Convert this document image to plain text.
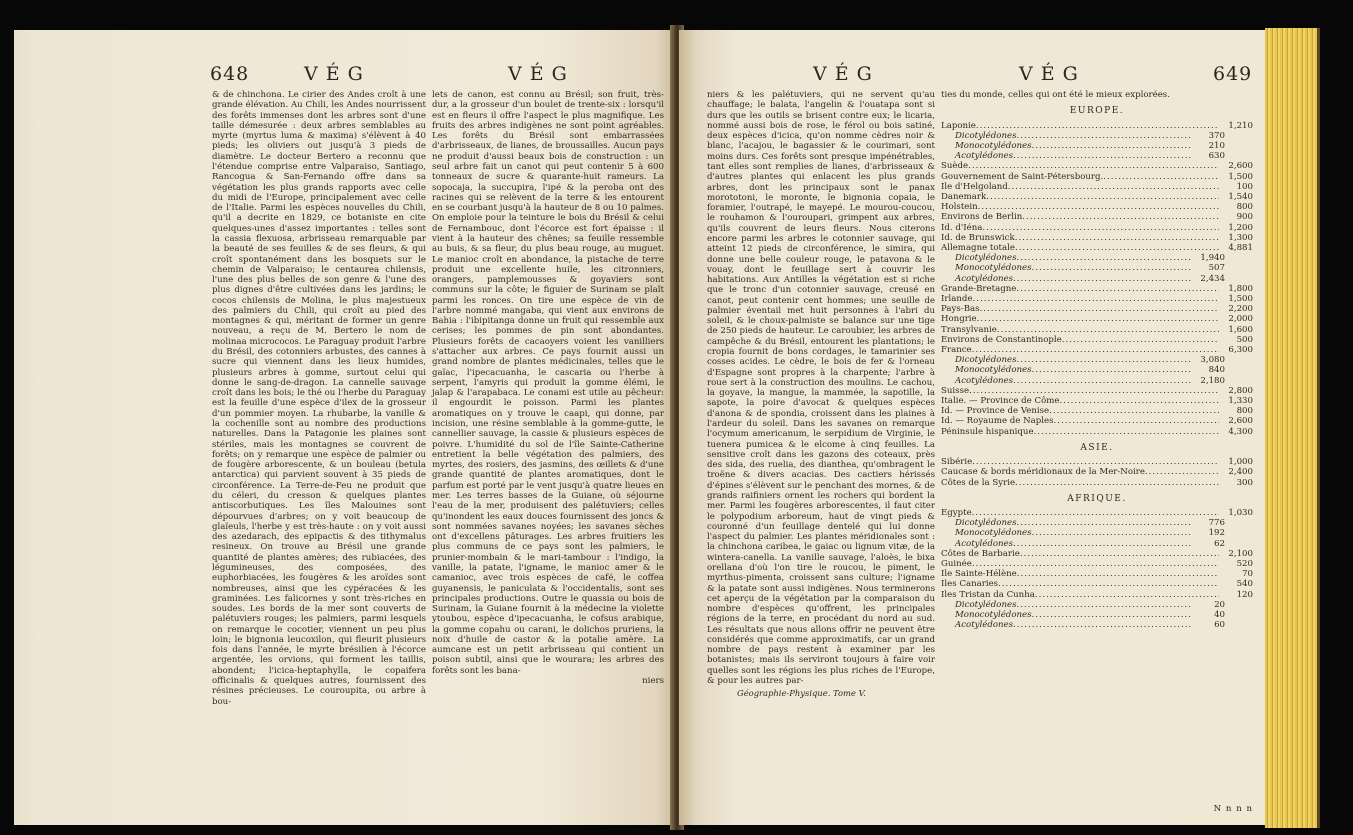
648	V É G	V É G

& de chinchona. Le cirier des Andes croît à une grande élévation. Au Chili, les Andes nourrissent des forêts immenses dont les arbres sont d'une taille démesurée : deux arbres semblables au myrte (myrtus luma & maxima) s'élèvent à 40 pieds; les oliviers out jusqu'à 3 pieds de diamètre. Le docteur Bertero a reconnu que l'étendue comprise entre Valparaiso, Santiago, Rancogua & San-Fernando offre dans sa végétation les plus grands rapports avec celle du midi de l'Europe, principalement avec celle de l'Italie. Parmi les espèces nouvelles du Chili, qu'il a decrite en 1829, ce botaniste en cite quelques-unes d'assez importantes : telles sont la cassia flexuosa, arbrisseau remarquable par la beauté de ses feuilles & de ses fleurs, & qui croît spontanément dans les bosquets sur le chemin de Valparaiso; le centaurea chilensis, l'une des plus belles de son genre & l'une des plus dignes d'être cultivées dans les jardins; le cocos chilensis de Molina, le plus majestueux des palmiers du Chili, qui croît au pied des montagnes & qui, méritant de former un genre nouveau, a reçu de M. Bertero le nom de molinaa micrococos. Le Paraguay produit l'arbre du Brésil, des cotonniers arbustes, des cannes à sucre qui viennent dans les lieux humides, plusieurs arbres à gomme, surtout celui qui donne le sang-de-dragon. La cannelle sauvage croît dans les bois; le thé ou l'herbe du Paraguay est la feuille d'une espèce d'ilex de la grosseur d'un pommier moyen. La rhubarbe, la vanille & la cochenille sont au nombre des productions naturelles. Dans la Patagonie les plaines sont stériles, mais les montagnes se couvrent de forêts; on y remarque une espèce de palmier ou de fougère arborescente, & un bouleau (betula antarctica) qui parvient souvent à 35 pieds de circonférence. La Terre-de-Feu ne produit que du céleri, du cresson & quelques plantes antiscorbutiques. Les îles Malouines sont dépourvues d'arbres; on y voit beaucoup de glaïeuls, l'herbe y est très-haute : on y voit aussi des azedarach, des epipactis & des tithymalus resineux. On trouve au Brésil une grande quantité de plantes amères; des rubiacées, des légumineuses, des composées, des euphorbiacées, les fougères & les aroïdes sont nombreuses, ainsi que les cypéracées & les graminées. Les falicornes y sont très-riches en soudes. Les bords de la mer sont couverts de palétuviers rouges; les palmiers, parmi lesquels on remarque le cocotier, viennent un peu plus loin; le bignonia leucoxilon, qui fleurit plusieurs fois dans l'année, le myrte brésilien à l'écorce argentée, les orvions, qui forment les taillis, abondent; l'icica-heptaphylla, le copaifera officinalis & quelques autres, fournissent des résines précieuses. Le couroupita, ou arbre à bou-

lets de canon, est connu au Brésil; son fruit, très-dur, a la grosseur d'un boulet de trente-six : lorsqu'il est en fleurs il offre l'aspect le plus magnifique. Les fruits des arbres indigènes ne sont point agréables. Les forêts du Brésil sont embarrassées d'arbrisseaux, de lianes, de broussailles. Aucun pays ne produit d'aussi beaux bois de construction : un seul arbre fait un canot qui peut contenir 5 à 600 tonneaux de sucre & quarante-huit rameurs. La sopocaja, la succupira, l'ipé & la peroba ont des racines qui se relèvent de la terre & les entourent en se courbant jusqu'à la hauteur de 8 ou 10 palmes. On emploie pour la teinture le bois du Brésil & celui de Fernambouc, dont l'écorce est fort épaisse : il vient à la hauteur des chênes; sa feuille ressemble au buis, & sa fleur, du plus beau rouge, au muguet. Le manioc croît en abondance, la pistache de terre produit une excellente huile, les citronniers, orangers, pamplemousses & goyaviers sont communs sur la côte; le figuier de Surinam se plaît parmi les ronces. On tire une espèce de vin de l'arbre nommé mangaba, qui vient aux environs de Bahia : l'ibipitanga donne un fruit qui ressemble aux cerises; les pommes de pin sont abondantes. Plusieurs forêts de cacaoyers voient les vanilliers s'attacher aux arbres. Ce pays fournit aussi un grand nombre de plantes médicinales, telles que le gaïac, l'ipecacuanha, le cascaria ou l'herbe à serpent, l'amyris qui produit la gomme élémi, le jalap & l'arapabaca. Le conami est utile au pêcheur: il engourdit le poisson. Parmi les plantes aromatiques on y trouve le caapi, qui donne, par incision, une résine semblable à la gomme-gutte, le cannellier sauvage, la cassie & plusieurs espèces de poivre. L'humidité du sol de l'île Sainte-Catherine entretient la belle végétation des palmiers, des myrtes, des rosiers, des jasmins, des œillets & d'une grande quantité de plantes aromatiques, dont le parfum est porté par le vent jusqu'à quatre lieues en mer. Les terres basses de la Guiane, où séjourne l'eau de la mer, produisent des palétuviers; celles qu'inondent les eaux douces fournissent des joncs & sont nommées savanes noyées; les savanes sèches ont d'excellens pâturages. Les arbres fruitiers les plus communs de ce pays sont les palmiers, le prunier-mombain & le mari-tambour : l'indigo, la vanille, la patate, l'igname, le manioc amer & le camanioc, avec trois espèces de café, le coffea guyanensis, le paniculata & l'occidentalis, sont ses principales productions. Outre le quassia ou bois de Surinam, la Guiane fournit à la médecine la violette ytoubou, espèce d'ipecacuanha, le cofsus arabique, la gomme copahu ou carani, le dolichos pruriens, la noix d'huile de castor & la potalie amère. La aumcane est un petit arbrisseau qui contient un poison subtil, ainsi que le wourara; les arbres des forêts sont les bana-

niers
V É G	V É G	649

niers & les palétuviers, qui ne servent qu'au chauffage; le balata, l'angelin & l'ouatapa sont si durs que les outils se brisent contre eux; le licaria, nommé aussi bois de rose, le férol ou bois satiné, deux espèces d'icica, qu'on nomme cèdres noir & blanc, l'acajou, le bagassier & le courimari, sont moins durs. Ces forêts sont presque impénétrables, tant elles sont remplies de lianes, d'arbrisseaux & d'autres plantes qui enlacent les plus grands arbres, dont les principaux sont le panax morototoni, le moronte, le bignonia copaia, le foramier, l'outrapé, le mayepé. Le mourou-coucou, le rouhamon & l'ouroupari, grimpent aux arbres, qu'ils couvrent de leurs fleurs. Nous citerons encore parmi les arbres le cotonnier sauvage, qui atteint 12 pieds de circonférence, le simira, qui donne une belle couleur rouge, le patavona & le vouay, dont le feuillage sert à couvrir les habitations. Aux Antilles la végétation est si riche que le tronc d'un cotonnier sauvage, creusé en canot, peut contenir cent hommes; une seuille de palmier éventail met huit personnes à l'abri du soleil, & le choux-palmiste se balance sur une tige de 250 pieds de hauteur. Le caroubier, les arbres de campêche & du Brésil, entourent les plantations; le cropia fournit de bons cordages, le tamarinier ses cosses acides. Le cèdre, le bois de fer & l'orneau d'Espagne sont propres à la charpente; l'arbre à roue sert à la construction des moulins. Le cachou, la goyave, la mangue, la mammée, la sapotille, la sapote, la poire d'avocat & quelques espèces d'anona & de spondia, croissent dans les plaines à l'ardeur du soleil. Dans les savanes on remarque l'ocymum americanum, le serpidium de Virginie, le tuenera pumicea & le elcome à cinq feuilles. La sensitive croît dans les gazons des coteaux, près des sida, des ruelia, des dianthea, qu'ombragent le troëne & divers acacias. Des cactiers hérissés d'épines s'élèvent sur le penchant des mornes, & de grands raifiniers ornent les rochers qui bordent la mer. Parmi les fougères arborescentes, il faut citer le polypodium arboreum, haut de vingt pieds & couronné d'un feuillage dentelé qui lui donne l'aspect du palmier. Les plantes méridionales sont : la chinchona caribea, le gaiac ou lignum vitæ, de la wintera-canella. La vanille sauvage, l'aloès, le bixa orellana d'où l'on tire le roucou, le piment, le myrthus-pimenta, croissent sans culture; l'igname & la patate sont aussi indigènes. Nous terminerons cet aperçu de la végétation par la comparaison du nombre d'espèces qu'offrent, les principales régions de la terre, en procédant du nord au sud. Les résultats que nous allons offrir ne peuvent être considérés que comme approximatifs, car un grand nombre de pays restent à examiner par les botanistes; mais ils serviront toujours à faire voir quelles sont les régions les plus riches de l'Europe, & pour les autres par-

Géographie-Physique. Tome V.
ties du monde, celles qui ont été le mieux explorées.
EUROPE.
Laponie .....	1,210
Dicotylédones .....	370
Monocotylédones .....	210
Acotylédones .....	630
Suède .....	2,600
Gouvernement de Saint-Pétersbourg. .....	1,500
Ile d'Helgoland .....	100
Danemark .....	1,540
Holstein .....	800
Environs de Berlin .....	900
Id. d'Iéna .....	1,200
Id. de Brunswick .....	1,300
Allemagne totale .....	4,881
Dicotylédones .....	1,940
Monocotylédones .....	507
Acotylédones .....	2,434
Grande-Bretagne .....	1,800
Irlande .....	1,500
Pays-Bas .....	2,200
Hongrie .....	2,000
Transylvanie .....	1,600
Environs de Constantinople .....	500
France .....	6,300
Dicotylédones .....	3,080
Monocotylédones .....	840
Acotylédones .....	2,180
Suisse .....	2,800
Italie. — Province de Côme .....	1,330
Id. — Province de Venise .....	800
Id. — Royaume de Naples .....	2,600
Péninsule hispanique .....	4,300
ASIE.
Sibérie .....	1,000
Caucase & bords méridionaux de la Mer-Noire .....	2,400
Côtes de la Syrie .....	300
AFRIQUE.
Egypte .....	1,030
Dicotylédones .....	776
Monocotylédones .....	192
Acotylédones .....	62
Côtes de Barbarie .....	2,100
Guinée .....	520
Ile Sainte-Hélène .....	70
Iles Canaries .....	540
Iles Tristan da Cunha .....	120
Dicotylédones .....	20
Monocotylédones .....	40
Acotylédones .....	60
N n n n
